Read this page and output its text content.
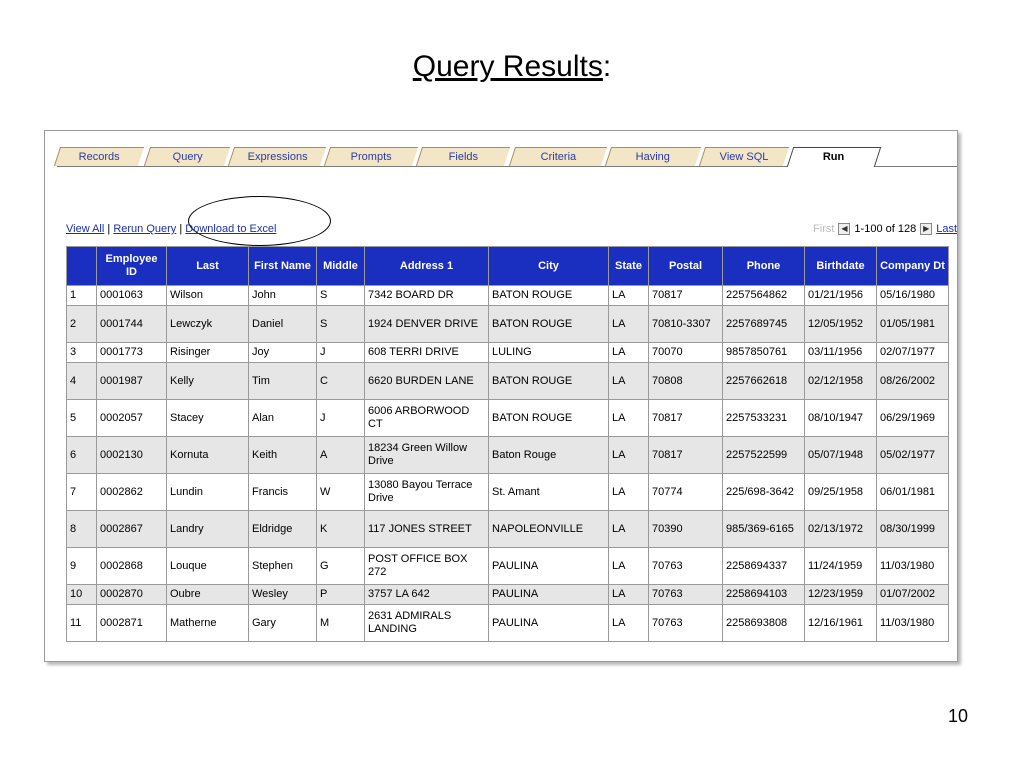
Query Results:
Records	Query	Expressions	Prompts	Fields	Criteria	Having	View SQL	Run
View All | Rerun Query | Download to Excel	First ◀ 1-100 of 128 ▶ Last
	Employee ID	Last	First Name	Middle	Address 1	City	State	Postal	Phone	Birthdate	Company Dt
1	0001063	Wilson	John	S	7342 BOARD DR	BATON ROUGE	LA	70817	2257564862	01/21/1956	05/16/1980
2	0001744	Lewczyk	Daniel	S	1924 DENVER DRIVE	BATON ROUGE	LA	70810-3307	2257689745	12/05/1952	01/05/1981
3	0001773	Risinger	Joy	J	608 TERRI DRIVE	LULING	LA	70070	9857850761	03/11/1956	02/07/1977
4	0001987	Kelly	Tim	C	6620 BURDEN LANE	BATON ROUGE	LA	70808	2257662618	02/12/1958	08/26/2002
5	0002057	Stacey	Alan	J	6006 ARBORWOOD CT	BATON ROUGE	LA	70817	2257533231	08/10/1947	06/29/1969
6	0002130	Kornuta	Keith	A	18234 Green Willow Drive	Baton Rouge	LA	70817	2257522599	05/07/1948	05/02/1977
7	0002862	Lundin	Francis	W	13080 Bayou Terrace Drive	St. Amant	LA	70774	225/698-3642	09/25/1958	06/01/1981
8	0002867	Landry	Eldridge	K	117 JONES STREET	NAPOLEONVILLE	LA	70390	985/369-6165	02/13/1972	08/30/1999
9	0002868	Louque	Stephen	G	POST OFFICE BOX 272	PAULINA	LA	70763	2258694337	11/24/1959	11/03/1980
10	0002870	Oubre	Wesley	P	3757 LA 642	PAULINA	LA	70763	2258694103	12/23/1959	01/07/2002
11	0002871	Matherne	Gary	M	2631 ADMIRALS LANDING	PAULINA	LA	70763	2258693808	12/16/1961	11/03/1980
10
